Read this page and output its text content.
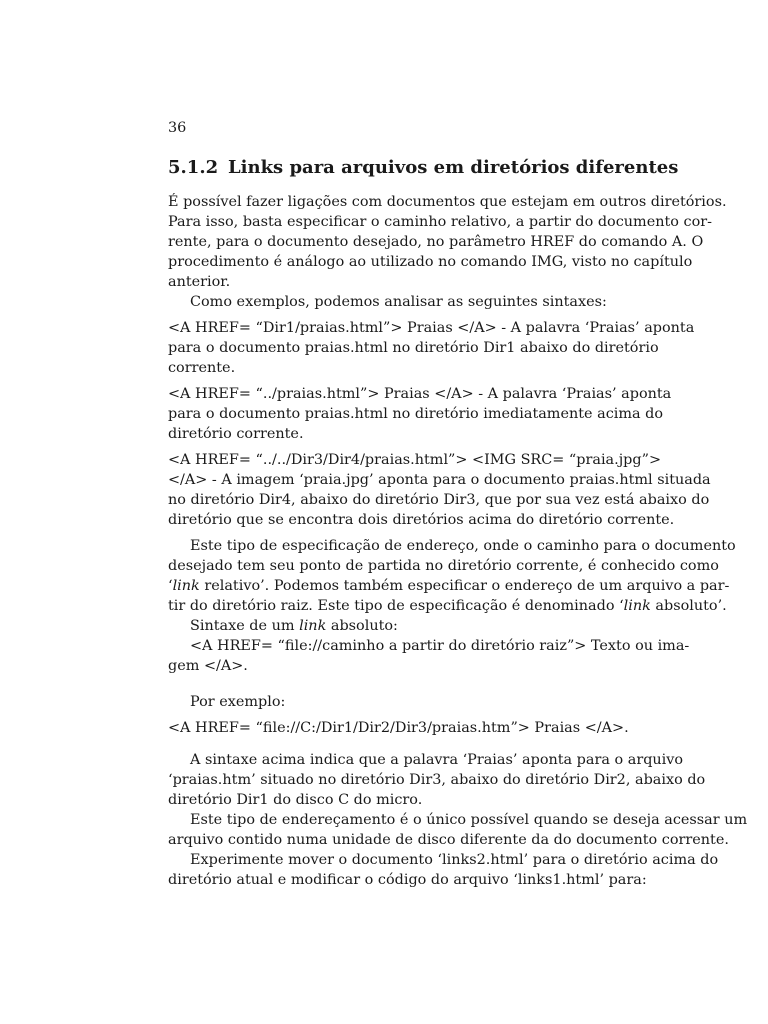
36
5.1.2 Links para arquivos em diretórios diferentes
É possível fazer ligações com documentos que estejam em outros diretórios.
Para isso, basta especificar o caminho relativo, a partir do documento cor-
rente, para o documento desejado, no parâmetro HREF do comando A. O
procedimento é análogo ao utilizado no comando IMG, visto no capítulo
anterior.
Como exemplos, podemos analisar as seguintes sintaxes:
<A HREF= “Dir1/praias.html”> Praias </A> - A palavra ‘Praias’ aponta
para o documento praias.html no diretório Dir1 abaixo do diretório
corrente.
<A HREF= “../praias.html”> Praias </A> - A palavra ‘Praias’ aponta
para o documento praias.html no diretório imediatamente acima do
diretório corrente.
<A HREF= “../../Dir3/Dir4/praias.html”> <IMG SRC= “praia.jpg”>
</A> - A imagem ‘praia.jpg’ aponta para o documento praias.html situada
no diretório Dir4, abaixo do diretório Dir3, que por sua vez está abaixo do
diretório que se encontra dois diretórios acima do diretório corrente.
Este tipo de especificação de endereço, onde o caminho para o documento
desejado tem seu ponto de partida no diretório corrente, é conhecido como
‘link relativo’. Podemos também especificar o endereço de um arquivo a par-
tir do diretório raiz. Este tipo de especificação é denominado ‘link absoluto’.
Sintaxe de um link absoluto:
<A HREF= “file://caminho a partir do diretório raiz”> Texto ou ima-
gem </A>.
Por exemplo:
<A HREF= “file://C:/Dir1/Dir2/Dir3/praias.htm”> Praias </A>.
A sintaxe acima indica que a palavra ‘Praias’ aponta para o arquivo
‘praias.htm’ situado no diretório Dir3, abaixo do diretório Dir2, abaixo do
diretório Dir1 do disco C do micro.
Este tipo de endereçamento é o único possível quando se deseja acessar um
arquivo contido numa unidade de disco diferente da do documento corrente.
Experimente mover o documento ‘links2.html’ para o diretório acima do
diretório atual e modificar o código do arquivo ‘links1.html’ para:
